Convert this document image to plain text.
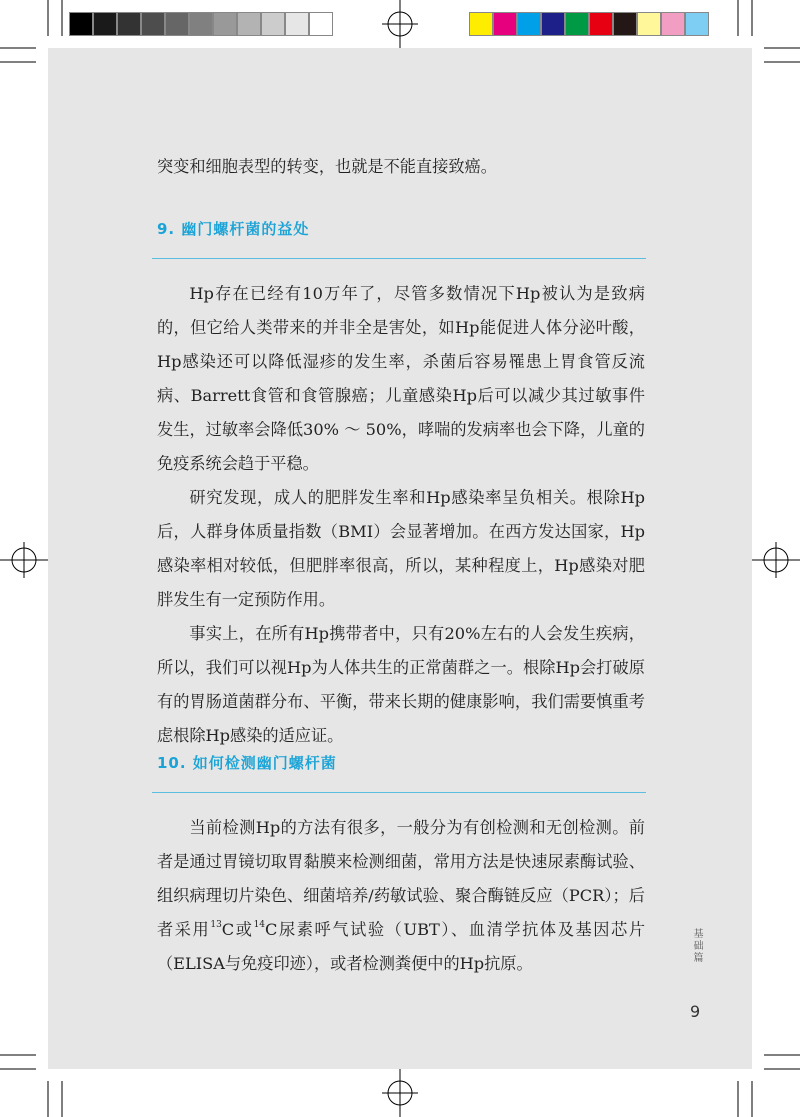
突变和细胞表型的转变，也就是不能直接致癌。

9. 幽门螺杆菌的益处

Hp存在已经有10万年了，尽管多数情况下Hp被认为是致病的，但它给人类带来的并非全是害处，如Hp能促进人体分泌叶酸，Hp感染还可以降低湿疹的发生率，杀菌后容易罹患上胃食管反流病、Barrett食管和食管腺癌；儿童感染Hp后可以减少其过敏事件发生，过敏率会降低30% ～ 50%，哮喘的发病率也会下降，儿童的免疫系统会趋于平稳。

研究发现，成人的肥胖发生率和Hp感染率呈负相关。根除Hp后，人群身体质量指数（BMI）会显著增加。在西方发达国家，Hp感染率相对较低，但肥胖率很高，所以，某种程度上，Hp感染对肥胖发生有一定预防作用。

事实上，在所有Hp携带者中，只有20%左右的人会发生疾病，所以，我们可以视Hp为人体共生的正常菌群之一。根除Hp会打破原有的胃肠道菌群分布、平衡，带来长期的健康影响，我们需要慎重考虑根除Hp感染的适应证。

10. 如何检测幽门螺杆菌

当前检测Hp的方法有很多，一般分为有创检测和无创检测。前者是通过胃镜切取胃黏膜来检测细菌，常用方法是快速尿素酶试验、组织病理切片染色、细菌培养/药敏试验、聚合酶链反应（PCR）；后者采用$^{13}$C或$^{14}$C尿素呼气试验（UBT）、血清学抗体及基因芯片（ELISA与免疫印迹），或者检测粪便中的Hp抗原。	基础篇
9
